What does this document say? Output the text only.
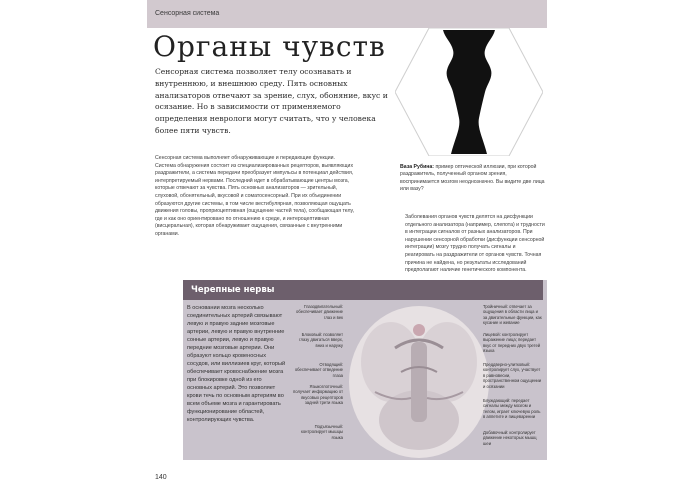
Сенсорная система
Органы чувств
Сенсорная система позволяет телу осознавать и внутреннюю, и внешнюю среду. Пять основных анализаторов отвечают за зрение, слух, обоняние, вкус и осязание. Но в зависимости от применяемого определения неврологи могут считать, что у человека более пяти чувств.
Ваза Рубина: пример оптической иллюзии, при которой раздражитель, полученный органом зрения, воспринимается мозгом неоднозначно. Вы видите две лица или вазу?
Сенсорная система выполняет обнаруживающие и передающие функции. Система обнаружения состоит из специализированных рецепторов, выявляющих раздражители, а система передачи преобразует импульсы в потенциал действия, интерпретируемый нервами. Последний идет в обрабатывающие центры мозга, которые отвечают за чувства. Пять основных анализаторов — зрительный, слуховой, обонятельный, вкусовой и соматосенсорный. При их объединении образуются другие системы, в том числе вестибулярная, позволяющая ощущать движения головы, проприоцептивная (ощущение частей тела), сообщающая телу, где и как оно ориентировано по отношению к среде, и интероцептивная (висцеральная), которая обнаруживает ощущения, связанные с внутренними органами.
Заболевания органов чувств делятся на дисфункции отдельного анализатора (например, слепота) и трудности в интеграции сигналов от разных анализаторов. При нарушении сенсорной обработки (дисфункции сенсорной интеграции) мозгу трудно получать сигналы и реагировать на раздражители от органов чувств. Точная причина не найдена, но результаты исследований предполагают наличие генетического компонента.
Черепные нервы
В основании мозга несколько соединительных артерий связывают левую и правую задние мозговые артерии, левую и правую внутренние сонные артерии, левую и правую передние мозговые артерии. Они образуют кольцо кровеносных сосудов, или виллизиев круг, который обеспечивает кровоснабжение мозга при блокировке одной из его основных артерий. Это позволяет крови течь по основным артериям во всем объеме мозга и гарантировать функционирование областей, контролирующих чувства.
Глазодвигательный: обеспечивает движение глаз и век
Блоковый: позволяет глазу двигаться вверх, вниз и наружу
Отводящий: обеспечивает отведение глаза
Языкоглоточный: получает информацию от вкусовых рецепторов задней трети языка
Подъязычный: контролирует мышцы языка
Тройничный: отвечает за ощущения в области лица и за двигательные функции, как кусание и жевание
Лицевой: контролирует выражение лица; передает вкус от передних двух третей языка
Преддверно-улитковый: контролирует слух, участвует в равновесии, пространственном ощущении и осязании
Блуждающий: передает сигналы между мозгом и телом, играет ключевую роль в аппетите и пищеварении
Добавочный: контролирует движение некоторых мышц шеи
140
